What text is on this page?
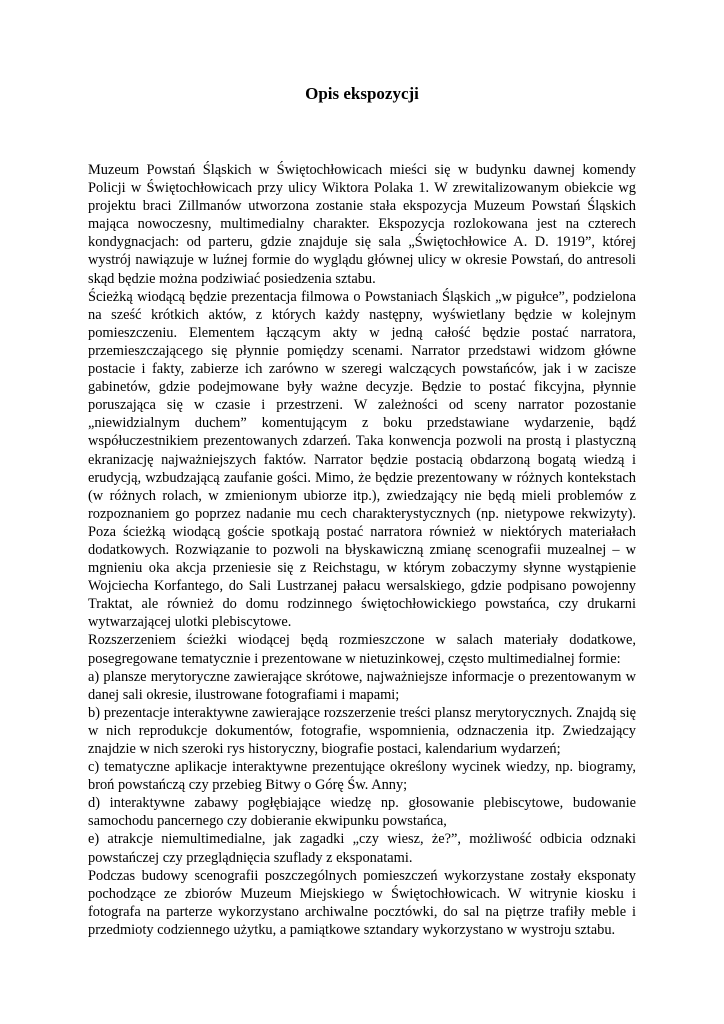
Opis ekspozycji

Muzeum Powstań Śląskich w Świętochłowicach mieści się w budynku dawnej komendy Policji w Świętochłowicach przy ulicy Wiktora Polaka 1. W zrewitalizowanym obiekcie wg projektu braci Zillmanów utworzona zostanie stała ekspozycja Muzeum Powstań Śląskich mająca nowoczesny, multimedialny charakter. Ekspozycja rozlokowana jest na czterech kondygnacjach: od parteru, gdzie znajduje się sala „Świętochłowice A. D. 1919”, której wystrój nawiązuje w luźnej formie do wyglądu głównej ulicy w okresie Powstań, do antresoli skąd będzie można podziwiać posiedzenia sztabu.

Ścieżką wiodącą będzie prezentacja filmowa o Powstaniach Śląskich „w pigułce”, podzielona na sześć krótkich aktów, z których każdy następny, wyświetlany będzie w kolejnym pomieszczeniu. Elementem łączącym akty w jedną całość będzie postać narratora, przemieszczającego się płynnie pomiędzy scenami. Narrator przedstawi widzom główne postacie i fakty, zabierze ich zarówno w szeregi walczących powstańców, jak i w zacisze gabinetów, gdzie podejmowane były ważne decyzje. Będzie to postać fikcyjna, płynnie poruszająca się w czasie i przestrzeni. W zależności od sceny narrator pozostanie „niewidzialnym duchem” komentującym z boku przedstawiane wydarzenie, bądź współuczestnikiem prezentowanych zdarzeń. Taka konwencja pozwoli na prostą i plastyczną ekranizację najważniejszych faktów. Narrator będzie postacią obdarzoną bogatą wiedzą i erudycją, wzbudzającą zaufanie gości. Mimo, że będzie prezentowany w różnych kontekstach (w różnych rolach, w zmienionym ubiorze itp.), zwiedzający nie będą mieli problemów z rozpoznaniem go poprzez nadanie mu cech charakterystycznych (np. nietypowe rekwizyty). Poza ścieżką wiodącą goście spotkają postać narratora również w niektórych materiałach dodatkowych. Rozwiązanie to pozwoli na błyskawiczną zmianę scenografii muzealnej – w mgnieniu oka akcja przeniesie się z Reichstagu, w którym zobaczymy słynne wystąpienie Wojciecha Korfantego, do Sali Lustrzanej pałacu wersalskiego, gdzie podpisano powojenny Traktat, ale również do domu rodzinnego świętochłowickiego powstańca, czy drukarni wytwarzającej ulotki plebiscytowe.

Rozszerzeniem ścieżki wiodącej będą rozmieszczone w salach materiały dodatkowe, posegregowane tematycznie i prezentowane w nietuzinkowej, często multimedialnej formie:

a) plansze merytoryczne zawierające skrótowe, najważniejsze informacje o prezentowanym w danej sali okresie, ilustrowane fotografiami i mapami;

b) prezentacje interaktywne zawierające rozszerzenie treści plansz merytorycznych. Znajdą się w nich reprodukcje dokumentów, fotografie, wspomnienia, odznaczenia itp. Zwiedzający znajdzie w nich szeroki rys historyczny, biografie postaci, kalendarium wydarzeń;

c) tematyczne aplikacje interaktywne prezentujące określony wycinek wiedzy, np. biogramy, broń powstańczą czy przebieg Bitwy o Górę Św. Anny;

d) interaktywne zabawy pogłębiające wiedzę np. głosowanie plebiscytowe, budowanie samochodu pancernego czy dobieranie ekwipunku powstańca,

e) atrakcje niemultimedialne, jak zagadki „czy wiesz, że?”, możliwość odbicia odznaki powstańczej czy przeglądnięcia szuflady z eksponatami.

Podczas budowy scenografii poszczególnych pomieszczeń wykorzystane zostały eksponaty pochodzące ze zbiorów Muzeum Miejskiego w Świętochłowicach. W witrynie kiosku i fotografa na parterze wykorzystano archiwalne pocztówki, do sal na piętrze trafiły meble i przedmioty codziennego użytku, a pamiątkowe sztandary wykorzystano w wystroju sztabu.
